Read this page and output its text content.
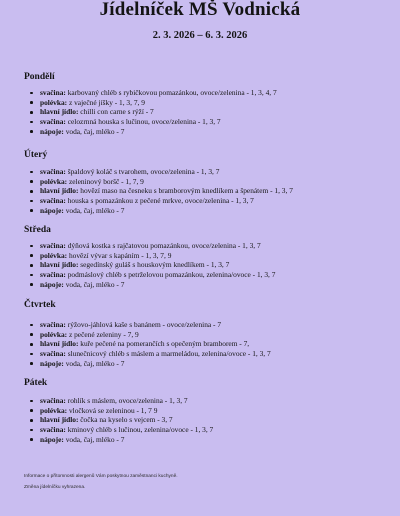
Jídelníček MŠ Vodnická
2. 3. 2026 – 6. 3. 2026
Pondělí
svačina: karbovaný chléb s rybičkovou pomazánkou, ovoce/zelenina - 1, 3, 4, 7
polévka: z vaječné jíšky - 1, 3, 7, 9
hlavní jídlo: chilli con carne s rýží - 7
svačina: celozrnná houska s lučinou, ovoce/zelenina - 1, 3, 7
nápoje: voda, čaj, mléko - 7
Úterý
svačina: špaldový koláč s tvarohem, ovoce/zelenina - 1, 3, 7
polévka: zeleninový boršč - 1, 7, 9
hlavní jídlo: hovězí maso na česneku s bramborovým knedlíkem a špenátem - 1, 3, 7
svačina: houska s pomazánkou z pečené mrkve, ovoce/zelenina - 1, 3, 7
nápoje: voda, čaj, mléko - 7
Středa
svačina: dýňová kostka s rajčatovou pomazánkou, ovoce/zelenina - 1, 3, 7
polévka: hovězí vývar s kapáním - 1, 3, 7, 9
hlavní jídlo: segedínský guláš s houskovým knedlíkem - 1, 3, 7
svačina: podmáslový chléb s petrželovou pomazánkou, zelenina/ovoce - 1, 3, 7
nápoje: voda, čaj, mléko - 7
Čtvrtek
svačina: rýžovo-jáhlová kaše s banánem - ovoce/zelenina - 7
polévka: z pečené zeleniny - 7, 9
hlavní jídlo: kuře pečené na pomerančích s opečeným bramborem - 7,
svačina: slunečnicový chléb s máslem a marmeládou, zelenina/ovoce - 1, 3, 7
nápoje: voda, čaj, mléko - 7
Pátek
svačina: rohlík s máslem, ovoce/zelenina - 1, 3, 7
polévka: vločková se zeleninou - 1, 7 9
hlavní jídlo: čočka na kyselo s vejcem - 3, 7
svačina: kminový chléb s lučinou, zelenina/ovoce - 1, 3, 7
nápoje: voda, čaj, mléko - 7
Informace o přítomnosti alergenů Vám poskytnou zaměstnanci kuchyně.
Změna jídelníčku vyhrazena.
